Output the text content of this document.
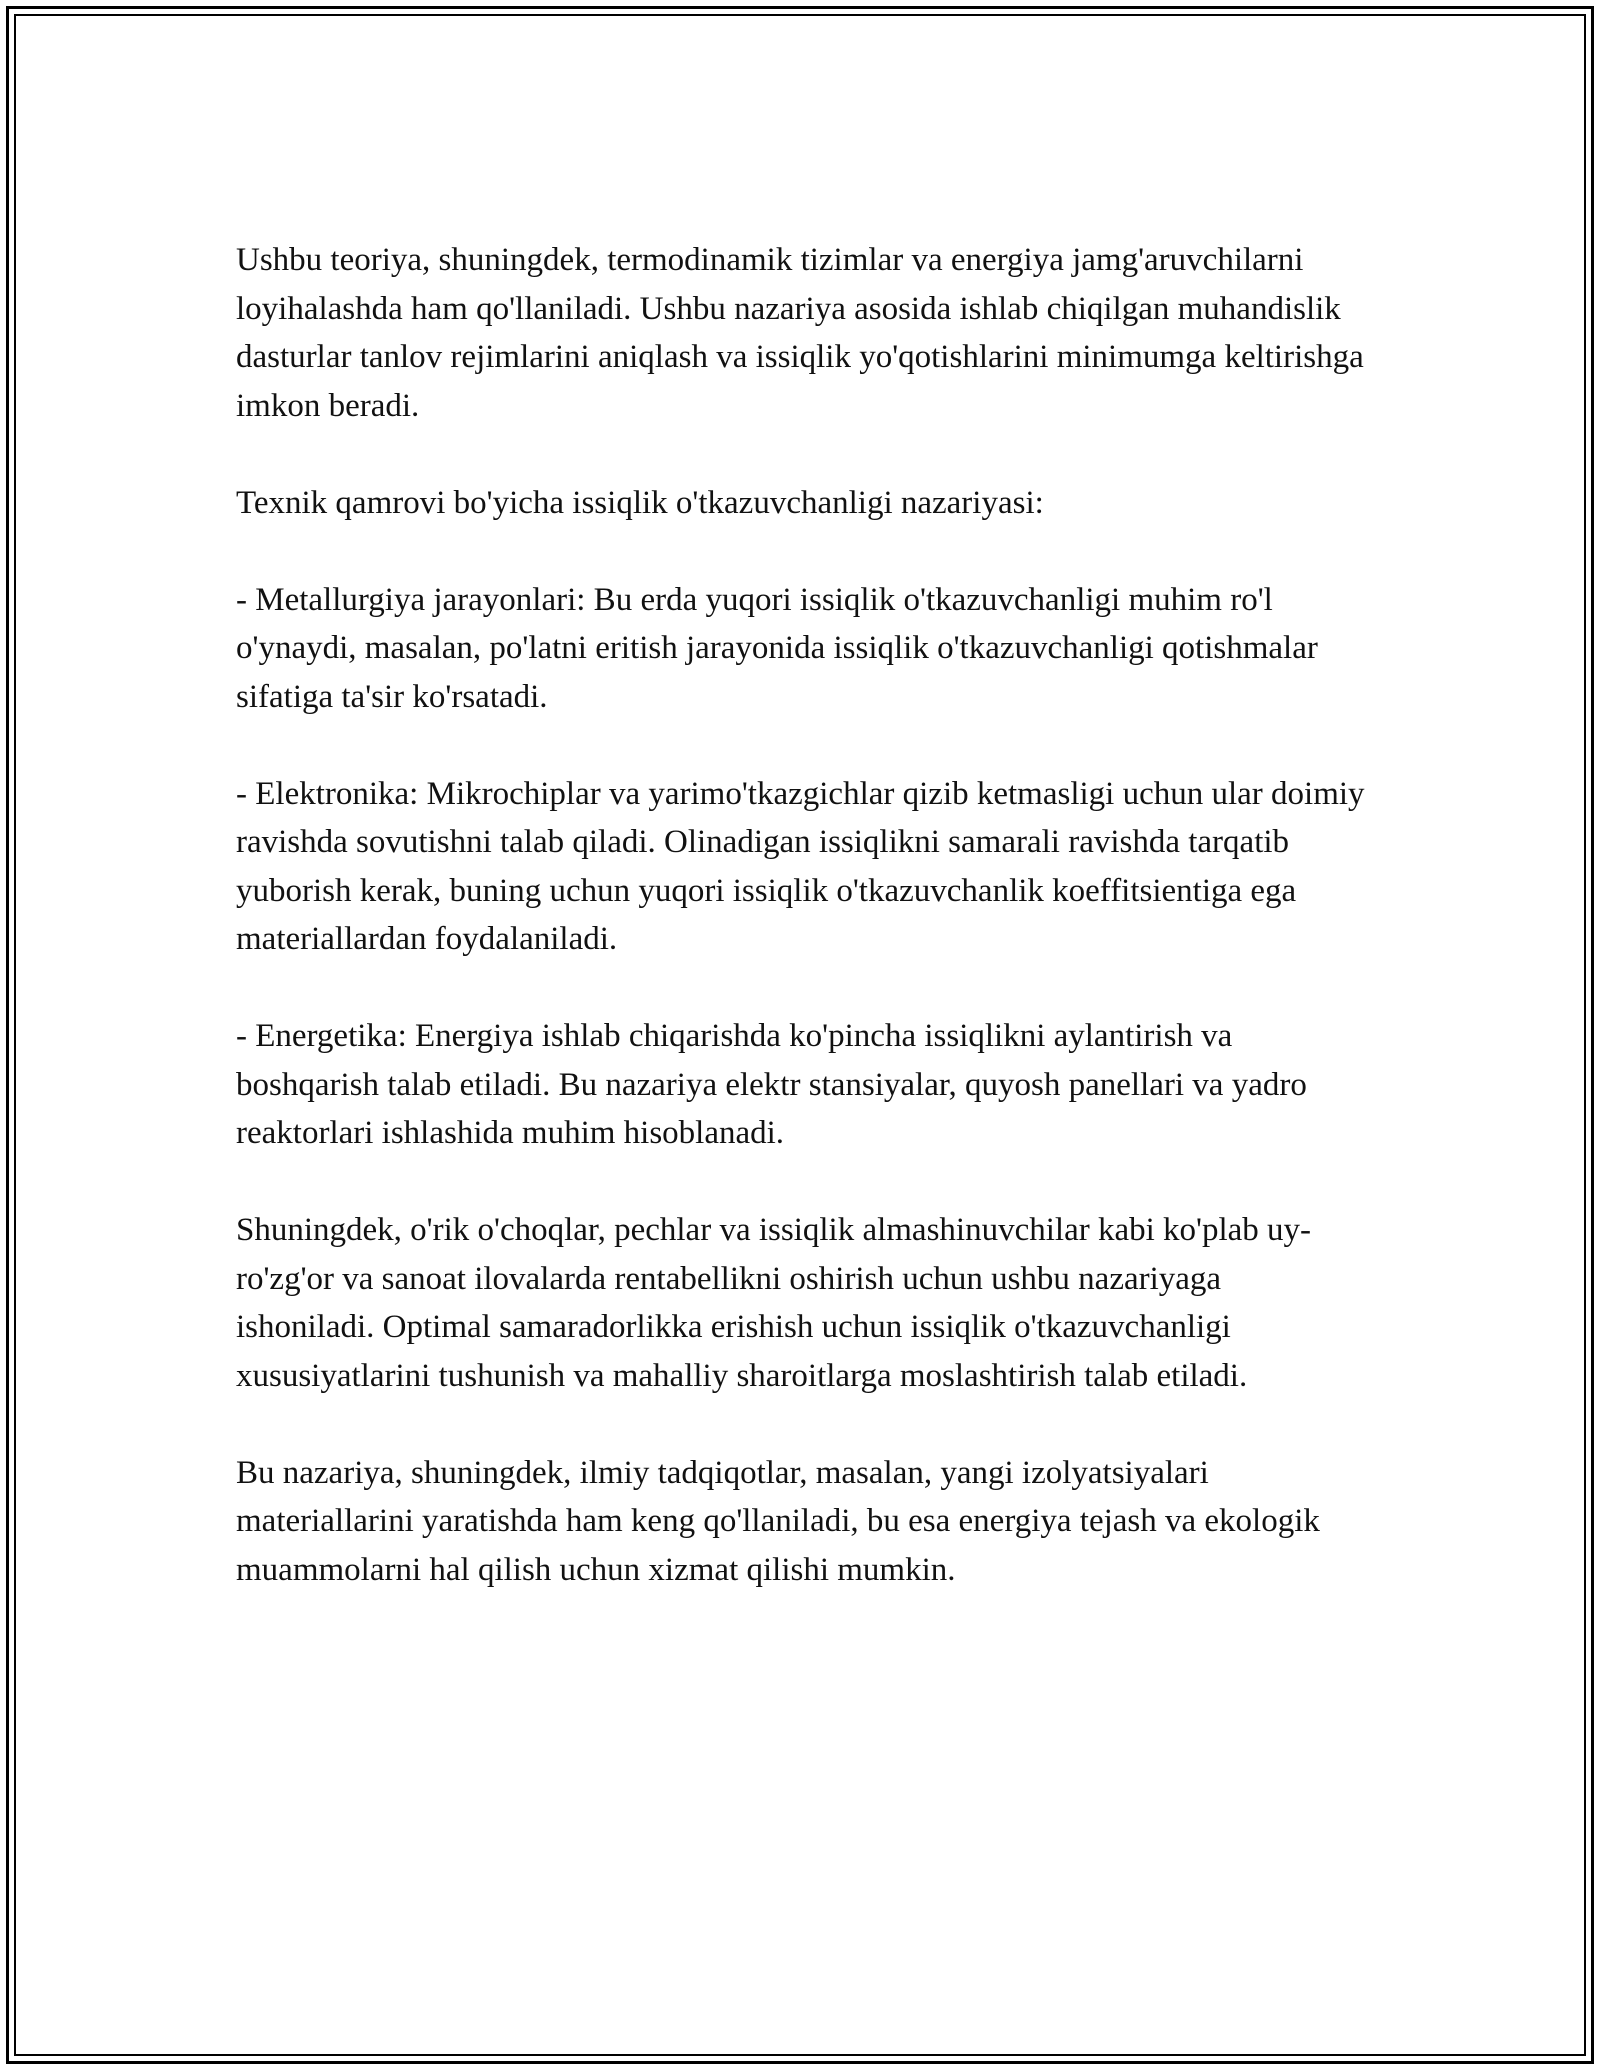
Ushbu teoriya, shuningdek, termodinamik tizimlar va energiya jamg'aruvchilarni loyihalashda ham qo'llaniladi. Ushbu nazariya asosida ishlab chiqilgan muhandislik dasturlar tanlov rejimlarini aniqlash va issiqlik yo'qotishlarini minimumga keltirishga imkon beradi.

Texnik qamrovi bo'yicha issiqlik o'tkazuvchanligi nazariyasi:

- Metallurgiya jarayonlari: Bu erda yuqori issiqlik o'tkazuvchanligi muhim ro'l o'ynaydi, masalan, po'latni eritish jarayonida issiqlik o'tkazuvchanligi qotishmalar sifatiga ta'sir ko'rsatadi.

- Elektronika: Mikrochiplar va yarimo'tkazgichlar qizib ketmasligi uchun ular doimiy ravishda sovutishni talab qiladi. Olinadigan issiqlikni samarali ravishda tarqatib yuborish kerak, buning uchun yuqori issiqlik o'tkazuvchanlik koeffitsientiga ega materiallardan foydalaniladi.

- Energetika: Energiya ishlab chiqarishda ko'pincha issiqlikni aylantirish va boshqarish talab etiladi. Bu nazariya elektr stansiyalar, quyosh panellari va yadro reaktorlari ishlashida muhim hisoblanadi.

Shuningdek, o'rik o'choqlar, pechlar va issiqlik almashinuvchilar kabi ko'plab uy-ro'zg'or va sanoat ilovalarda rentabellikni oshirish uchun ushbu nazariyaga ishoniladi. Optimal samaradorlikka erishish uchun issiqlik o'tkazuvchanligi xususiyatlarini tushunish va mahalliy sharoitlarga moslashtirish talab etiladi.

Bu nazariya, shuningdek, ilmiy tadqiqotlar, masalan, yangi izolyatsiyalari materiallarini yaratishda ham keng qo'llaniladi, bu esa energiya tejash va ekologik muammolarni hal qilish uchun xizmat qilishi mumkin.
